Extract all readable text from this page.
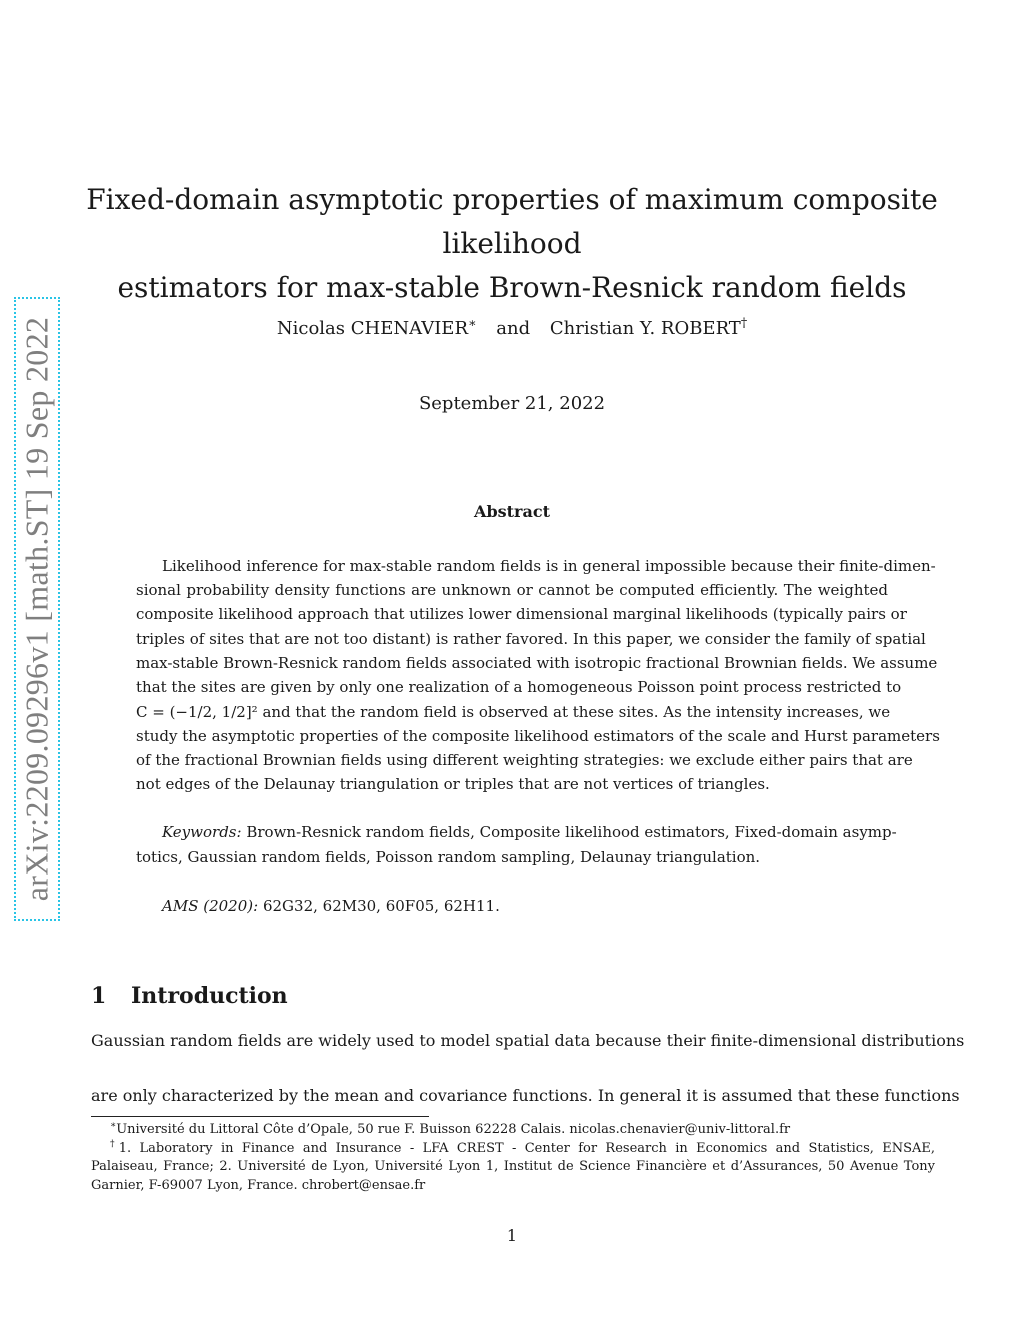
arXiv:2209.09296v1 [math.ST] 19 Sep 2022
Fixed-domain asymptotic properties of maximum composite likelihood
estimators for max-stable Brown-Resnick random fields
Nicolas CHENAVIER∗ and Christian Y. ROBERT†
September 21, 2022
Abstract
Likelihood inference for max-stable random fields is in general impossible because their finite-dimen-
sional probability density functions are unknown or cannot be computed efficiently. The weighted
composite likelihood approach that utilizes lower dimensional marginal likelihoods (typically pairs or
triples of sites that are not too distant) is rather favored. In this paper, we consider the family of spatial
max-stable Brown-Resnick random fields associated with isotropic fractional Brownian fields. We assume
that the sites are given by only one realization of a homogeneous Poisson point process restricted to
C = (−1/2, 1/2]² and that the random field is observed at these sites. As the intensity increases, we
study the asymptotic properties of the composite likelihood estimators of the scale and Hurst parameters
of the fractional Brownian fields using different weighting strategies: we exclude either pairs that are
not edges of the Delaunay triangulation or triples that are not vertices of triangles.
Keywords: Brown-Resnick random fields, Composite likelihood estimators, Fixed-domain asymp-
totics, Gaussian random fields, Poisson random sampling, Delaunay triangulation.
AMS (2020): 62G32, 62M30, 60F05, 62H11.
1 Introduction
Gaussian random fields are widely used to model spatial data because their finite-dimensional distributions
are only characterized by the mean and covariance functions. In general it is assumed that these functions
∗Université du Littoral Côte d’Opale, 50 rue F. Buisson 62228 Calais. nicolas.chenavier@univ-littoral.fr
†1. Laboratory in Finance and Insurance - LFA CREST - Center for Research in Economics and Statistics, ENSAE,
Palaiseau, France; 2. Université de Lyon, Université Lyon 1, Institut de Science Financière et d’Assurances, 50 Avenue Tony
Garnier, F-69007 Lyon, France. chrobert@ensae.fr
1
